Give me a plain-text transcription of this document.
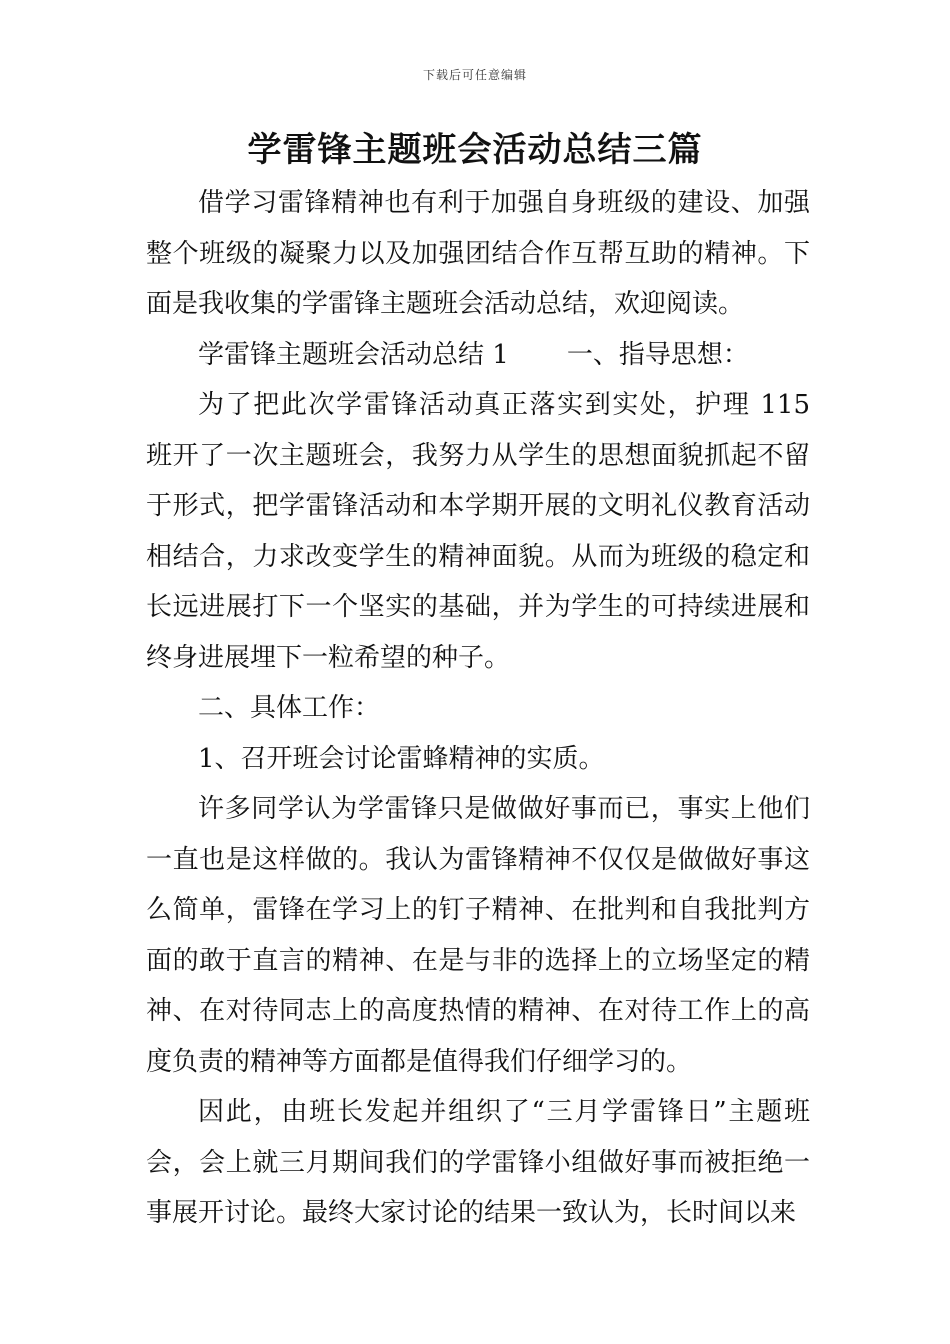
下载后可任意编辑
学雷锋主题班会活动总结三篇

借学习雷锋精神也有利于加强自身班级的建设、加强整个班级的凝聚力以及加强团结合作互帮互助的精神。下面是我收集的学雷锋主题班会活动总结，欢迎阅读。

学雷锋主题班会活动总结 1 一、指导思想：

为了把此次学雷锋活动真正落实到实处，护理 115 班开了一次主题班会，我努力从学生的思想面貌抓起不留于形式，把学雷锋活动和本学期开展的文明礼仪教育活动相结合，力求改变学生的精神面貌。从而为班级的稳定和长远进展打下一个坚实的基础，并为学生的可持续进展和终身进展埋下一粒希望的种子。

二、具体工作：

1、召开班会讨论雷蜂精神的实质。

许多同学认为学雷锋只是做做好事而已，事实上他们一直也是这样做的。我认为雷锋精神不仅仅是做做好事这么简单，雷锋在学习上的钉子精神、在批判和自我批判方面的敢于直言的精神、在是与非的选择上的立场坚定的精神、在对待同志上的高度热情的精神、在对待工作上的高度负责的精神等方面都是值得我们仔细学习的。

因此，由班长发起并组织了“三月学雷锋日”主题班会，会上就三月期间我们的学雷锋小组做好事而被拒绝一事展开讨论。最终大家讨论的结果一致认为，长时间以来
